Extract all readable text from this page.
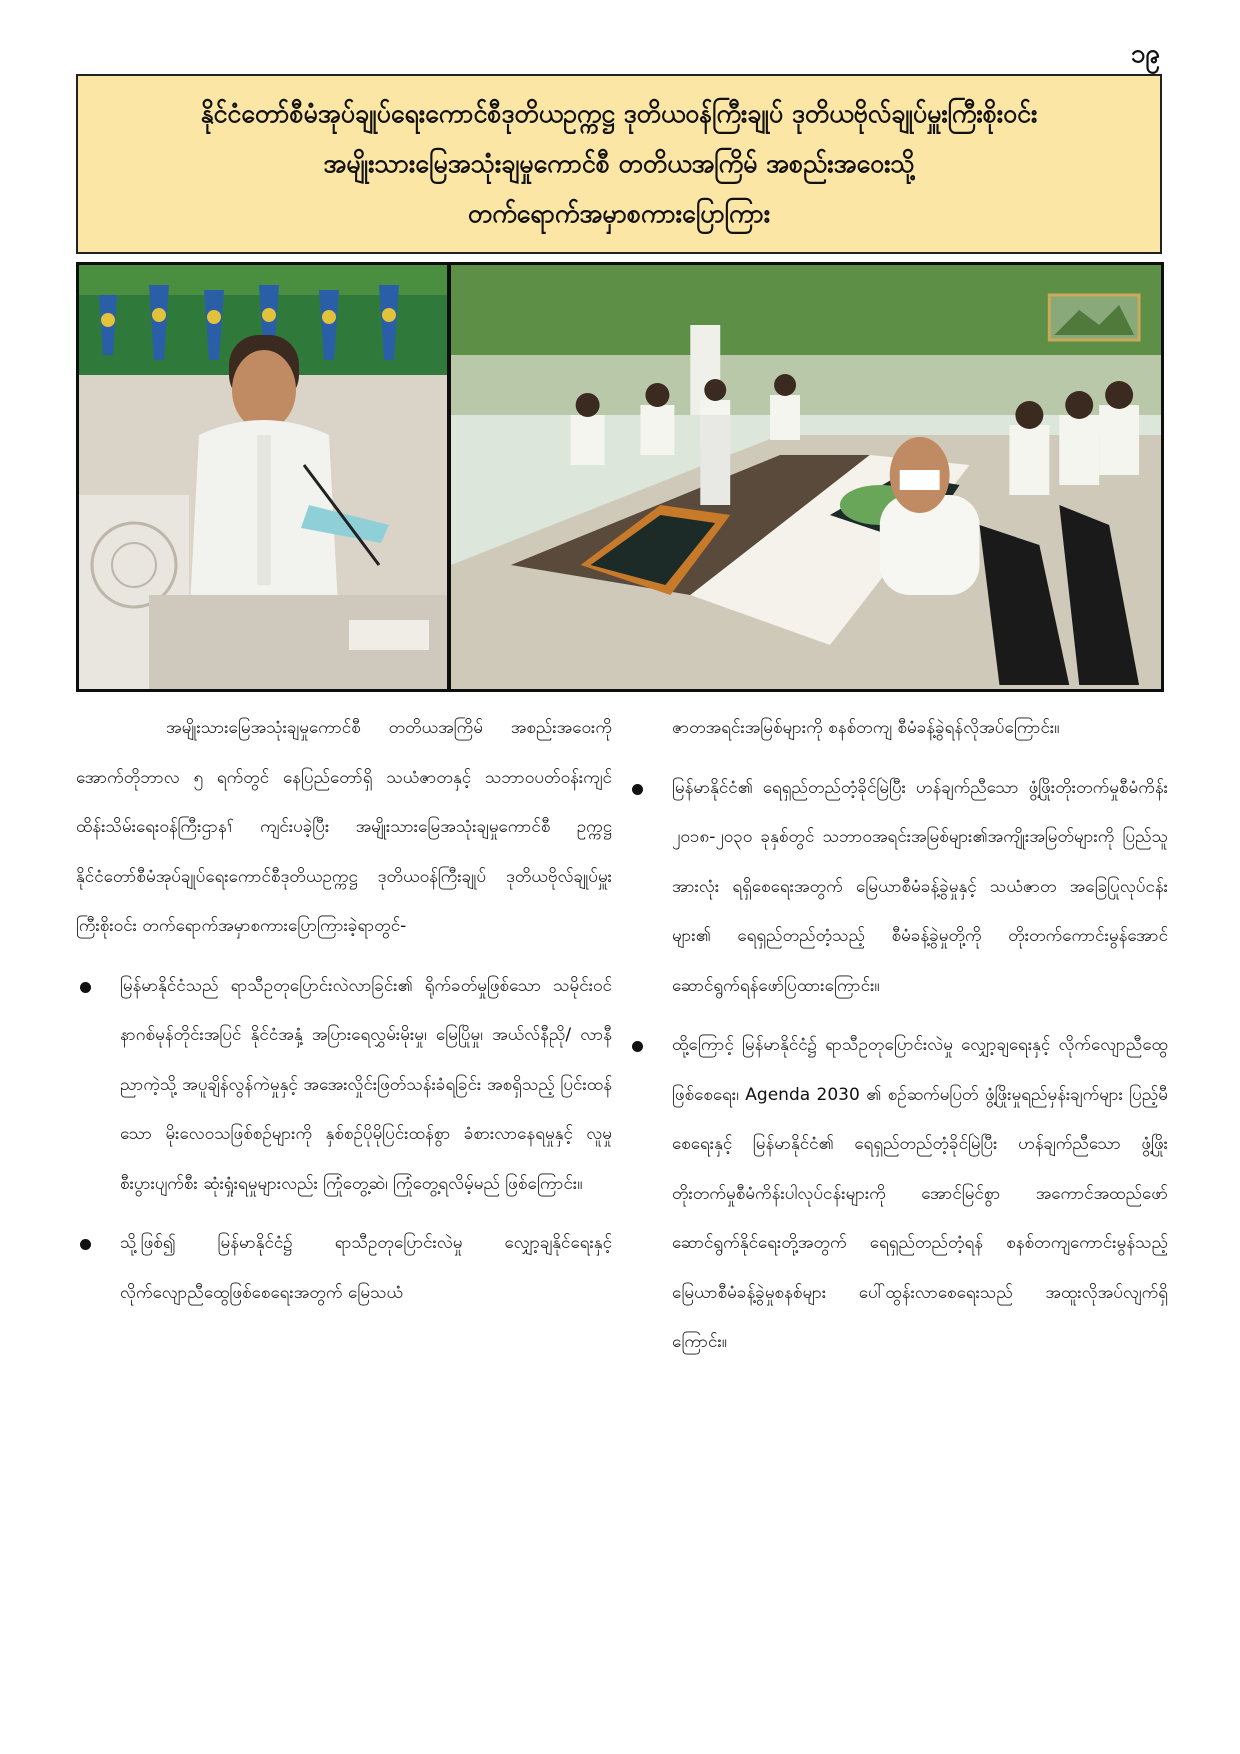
၁၉
နိုင်ငံတော်စီမံအုပ်ချုပ်ရေးကောင်စီဒုတိယဥက္ကဋ္ဌ ဒုတိယဝန်ကြီးချုပ် ဒုတိယဗိုလ်ချုပ်မှူးကြီးစိုးဝင်း
အမျိုးသားမြေအသုံးချမှုကောင်စီ တတိယအကြိမ် အစည်းအဝေးသို့
တက်ရောက်အမှာစကားပြောကြား

အမျိုးသားမြေအသုံးချမှုကောင်စီ တတိယအကြိမ် အစည်းအဝေးကို အောက်တိုဘာလ ၅ ရက်တွင် နေပြည်တော်ရှိ သယံဇာတနှင့် သဘာဝပတ်ဝန်းကျင်ထိန်းသိမ်းရေးဝန်ကြီးဌာနၢ် ကျင်းပခဲ့ပြီး အမျိုးသားမြေအသုံးချမှုကောင်စီ ဥက္ကဋ္ဌ နိုင်ငံတော်စီမံအုပ်ချုပ်ရေးကောင်စီဒုတိယဥက္ကဋ္ဌ ဒုတိယဝန်ကြီးချုပ် ဒုတိယဗိုလ်ချုပ်မှူးကြီးစိုးဝင်း တက်ရောက်အမှာစကားပြောကြားခဲ့ရာတွင်-

မြန်မာနိုင်ငံသည် ရာသီဥတုပြောင်းလဲလာခြင်း၏ ရိုက်ခတ်မှုဖြစ်သော သမိုင်းဝင် နာဂစ်မုန်တိုင်းအပြင် နိုင်ငံအနှံ့ အပြားရေလွှမ်းမိုးမှု၊ မြေပြိုမှု၊ အယ်လ်နီညို/ လာနီညာကဲ့သို့ အပူချိန်လွန်ကဲမှုနှင့် အအေးလှိုင်းဖြတ်သန်းခံရခြင်း အစရှိသည့် ပြင်းထန်သော မိုးလေဝသဖြစ်စဉ်များကို နှစ်စဉ်ပိုမိုပြင်းထန်စွာ ခံစားလာနေရမှုနှင့် လူမှုစီးပွားပျက်စီး ဆုံးရှုံးရမှုများလည်း ကြုံတွေ့ဆဲ၊ ကြုံတွေ့ရလိမ့်မည် ဖြစ်ကြောင်း။
သို့ဖြစ်၍ မြန်မာနိုင်ငံ၌ ရာသီဥတုပြောင်းလဲမှု လျှော့ချနိုင်ရေးနှင့် လိုက်လျောညီထွေဖြစ်စေရေးအတွက် မြေသယံ

ဇာတအရင်းအမြစ်များကို စနစ်တကျ စီမံခန့်ခွဲရန်လိုအပ်ကြောင်း။

မြန်မာနိုင်ငံ၏ ရေရှည်တည်တံ့ခိုင်မြဲပြီး ဟန်ချက်ညီသော ဖွံ့ဖြိုးတိုးတက်မှုစီမံကိန်း ၂၀၁၈-၂၀၃၀ ခုနှစ်တွင် သဘာဝအရင်းအမြစ်များ၏အကျိုးအမြတ်များကို ပြည်သူအားလုံး ရရှိစေရေးအတွက် မြေယာစီမံခန့်ခွဲမှုနှင့် သယံဇာတ အခြေပြုလုပ်ငန်းများ၏ ရေရှည်တည်တံ့သည့် စီမံခန့်ခွဲမှုတို့ကို တိုးတက်ကောင်းမွန်အောင် ဆောင်ရွက်ရန်ဖော်ပြထားကြောင်း။
ထို့ကြောင့် မြန်မာနိုင်ငံ၌ ရာသီဥတုပြောင်းလဲမှု လျှော့ချရေးနှင့် လိုက်လျောညီထွေဖြစ်စေရေး၊ Agenda 2030 ၏ စဉ်ဆက်မပြတ် ဖွံ့ဖြိုးမှုရည်မှန်းချက်များ ပြည့်မီစေရေးနှင့် မြန်မာနိုင်ငံ၏ ရေရှည်တည်တံ့ခိုင်မြဲပြီး ဟန်ချက်ညီသော ဖွံ့ဖြိုးတိုးတက်မှုစီမံကိန်းပါလုပ်ငန်းများကို အောင်မြင်စွာ အကောင်အထည်ဖော် ဆောင်ရွက်နိုင်ရေးတို့အတွက် ရေရှည်တည်တံ့ရန် စနစ်တကျကောင်းမွန်သည့် မြေယာစီမံခန့်ခွဲမှုစနစ်များ ပေါ်ထွန်းလာစေရေးသည် အထူးလိုအပ်လျက်ရှိကြောင်း။
